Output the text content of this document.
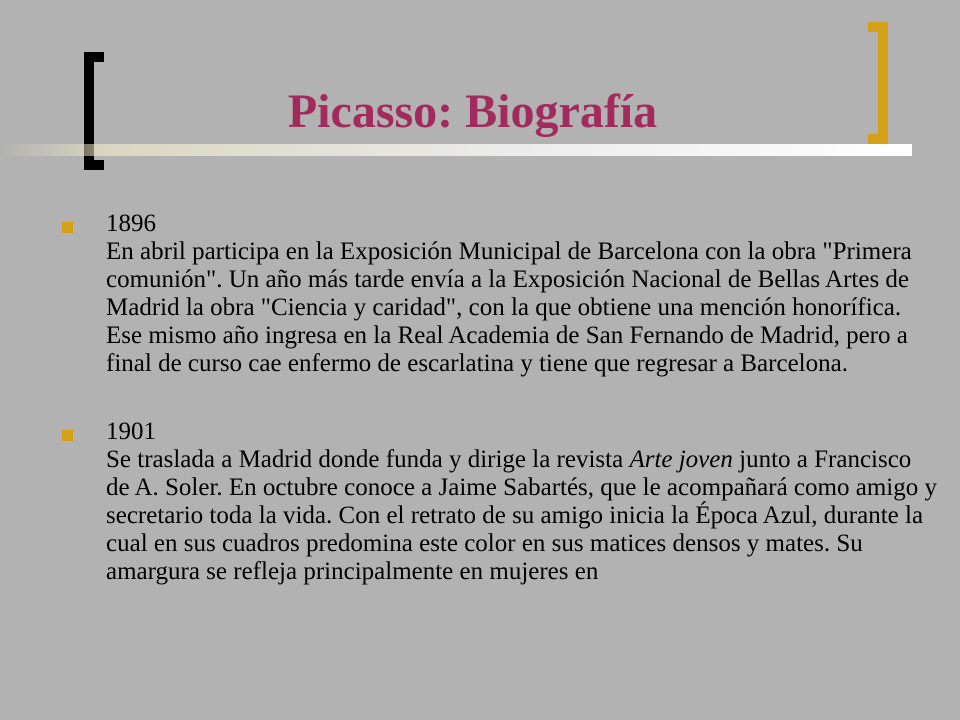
Picasso: Biografía
1896
En abril participa en la Exposición Municipal de Barcelona con la obra "Primera comunión". Un año más tarde envía a la Exposición Nacional de Bellas Artes de Madrid la obra "Ciencia y caridad", con la que obtiene una mención honorífica. Ese mismo año ingresa en la Real Academia de San Fernando de Madrid, pero a final de curso cae enfermo de escarlatina y tiene que regresar a Barcelona.
1901
Se traslada a Madrid donde funda y dirige la revista Arte joven junto a Francisco de A. Soler. En octubre conoce a Jaime Sabartés, que le acompañará como amigo y secretario toda la vida. Con el retrato de su amigo inicia la Época Azul, durante la cual en sus cuadros predomina este color en sus matices densos y mates. Su amargura se refleja principalmente en mujeres en
